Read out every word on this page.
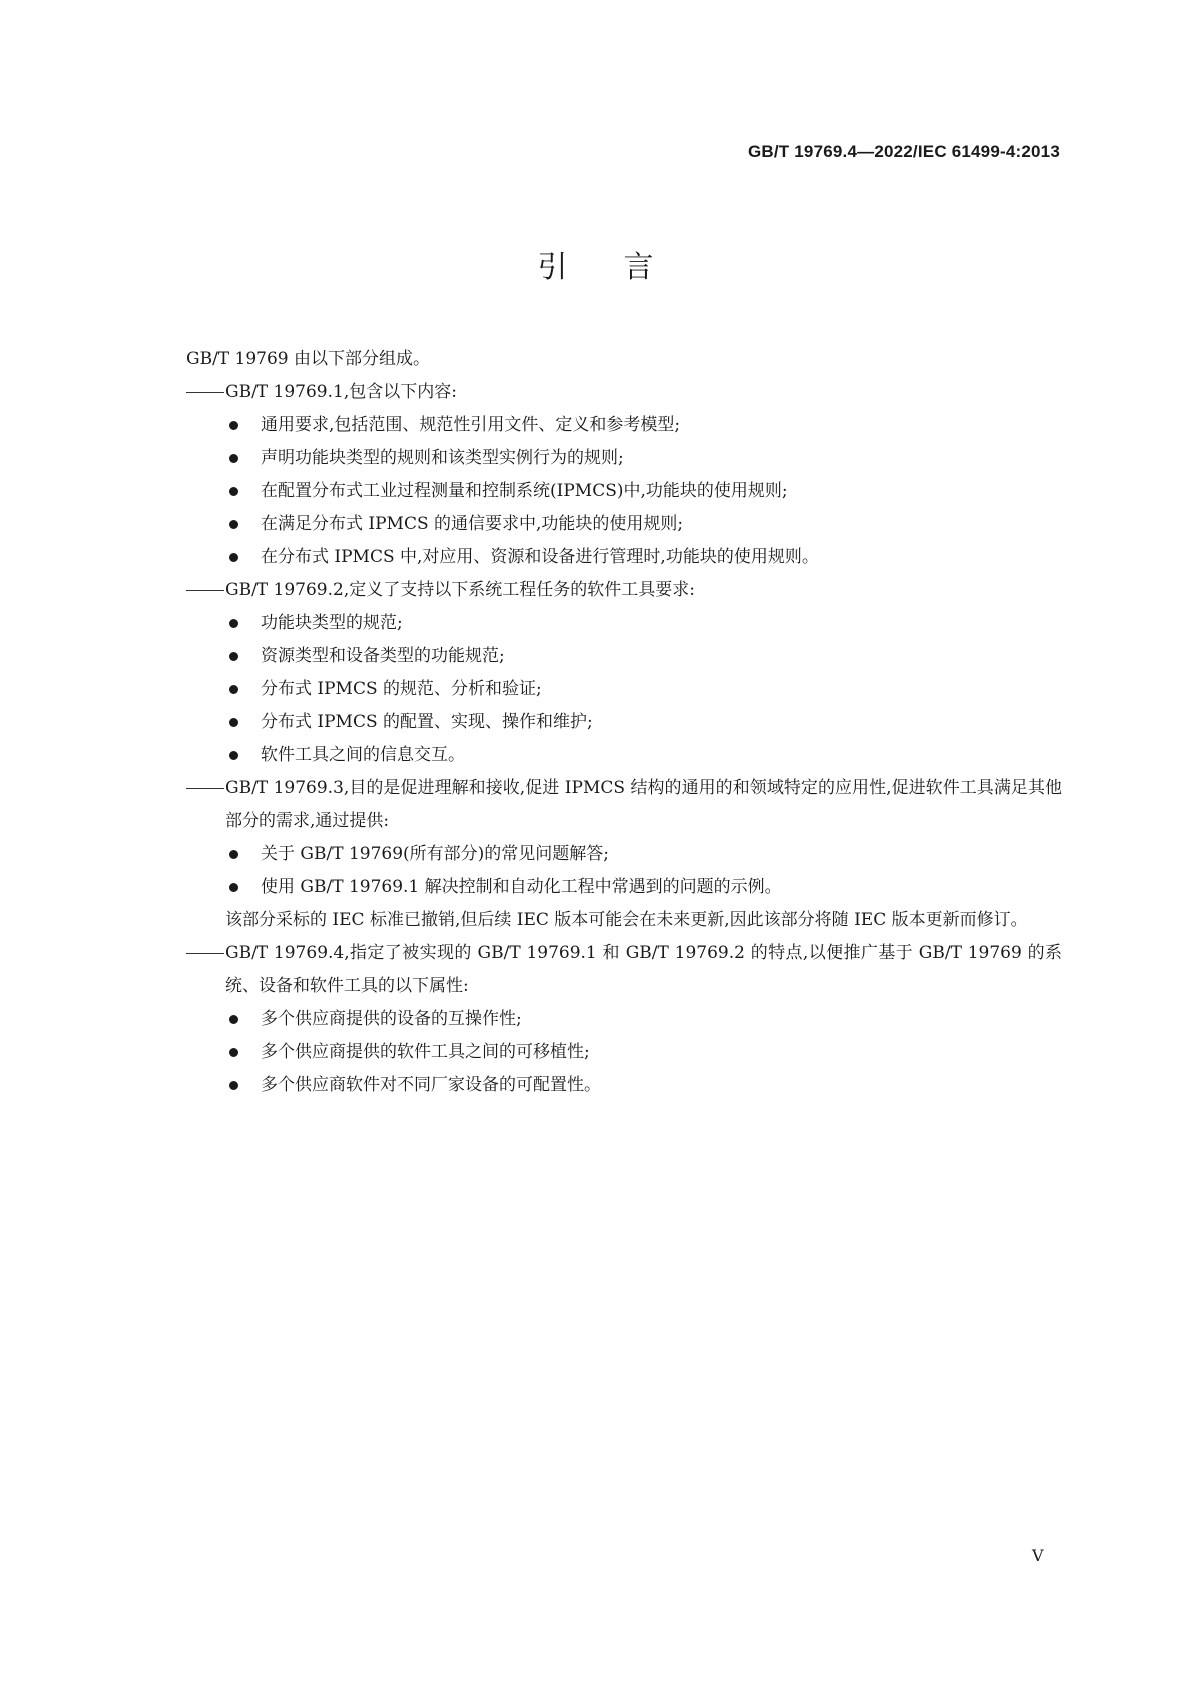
GB/T 19769.4—2022/IEC 61499-4:2013
引言

GB/T 19769 由以下部分组成。

GB/T 19769.1,包含以下内容:
通用要求,包括范围、规范性引用文件、定义和参考模型;
声明功能块类型的规则和该类型实例行为的规则;
在配置分布式工业过程测量和控制系统(IPMCS)中,功能块的使用规则;
在满足分布式 IPMCS 的通信要求中,功能块的使用规则;
在分布式 IPMCS 中,对应用、资源和设备进行管理时,功能块的使用规则。
GB/T 19769.2,定义了支持以下系统工程任务的软件工具要求:
功能块类型的规范;
资源类型和设备类型的功能规范;
分布式 IPMCS 的规范、分析和验证;
分布式 IPMCS 的配置、实现、操作和维护;
软件工具之间的信息交互。
GB/T 19769.3,目的是促进理解和接收,促进 IPMCS 结构的通用的和领域特定的应用性,促进软件工具满足其他部分的需求,通过提供:
关于 GB/T 19769(所有部分)的常见问题解答;
使用 GB/T 19769.1 解决控制和自动化工程中常遇到的问题的示例。

该部分采标的 IEC 标准已撤销,但后续 IEC 版本可能会在未来更新,因此该部分将随 IEC 版本更新而修订。

GB/T 19769.4,指定了被实现的 GB/T 19769.1 和 GB/T 19769.2 的特点,以便推广基于 GB/T 19769 的系统、设备和软件工具的以下属性:
多个供应商提供的设备的互操作性;
多个供应商提供的软件工具之间的可移植性;
多个供应商软件对不同厂家设备的可配置性。
V
